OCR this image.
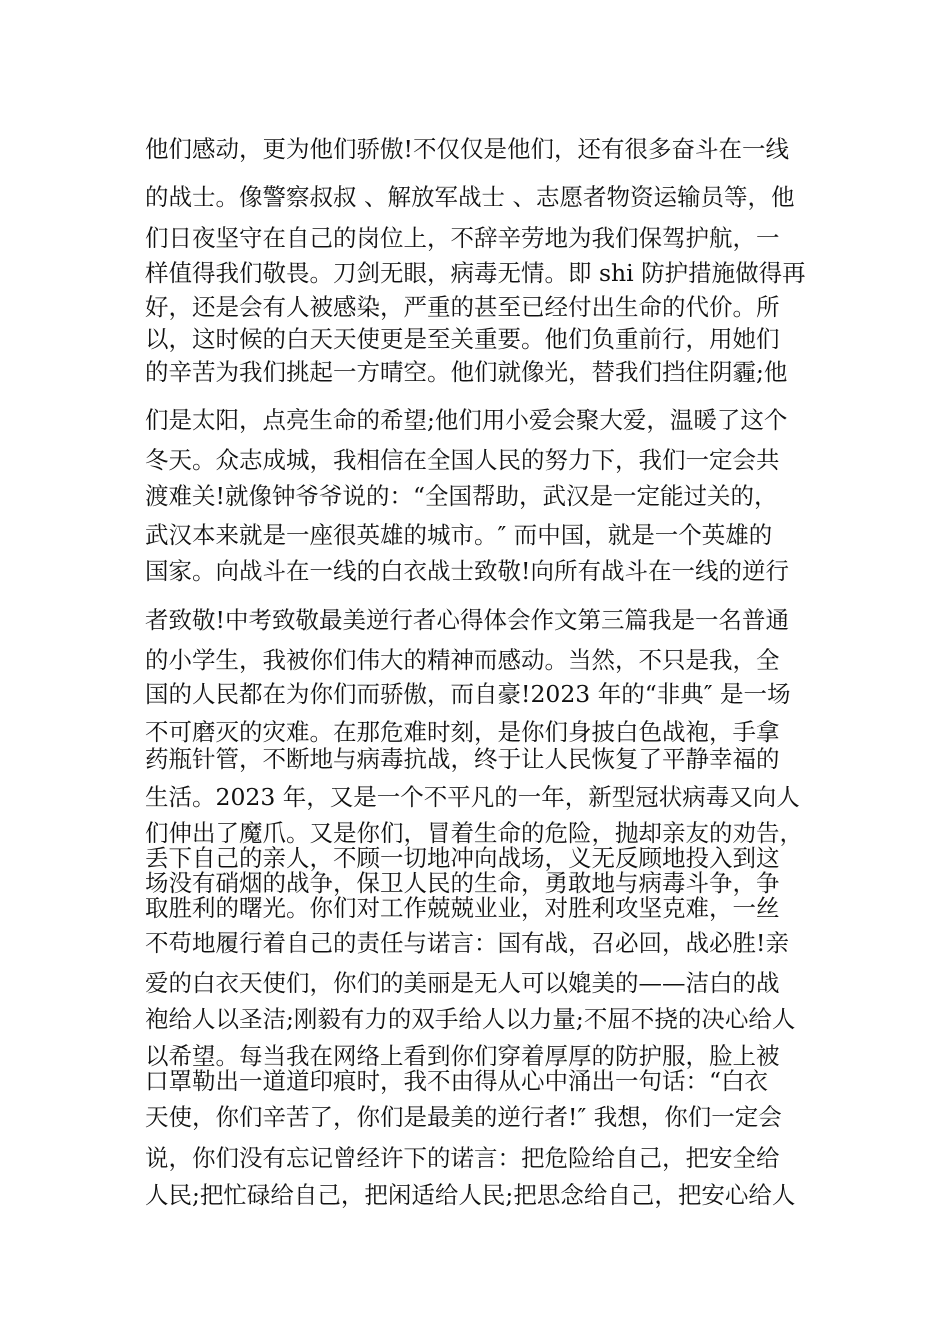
他们感动，更为他们骄傲!不仅仅是他们，还有很多奋斗在一线

的战士。像警察叔叔 、解放军战士 、志愿者物资运输员等，他

们日夜坚守在自己的岗位上，不辞辛劳地为我们保驾护航，一

样值得我们敬畏。刀剑无眼，病毒无情。即 shi 防护措施做得再

好，还是会有人被感染，严重的甚至已经付出生命的代价。所

以，这时候的白天天使更是至关重要。他们负重前行，用她们

的辛苦为我们挑起一方晴空。他们就像光，替我们挡住阴霾;他

们是太阳，点亮生命的希望;他们用小爱会聚大爱，温暖了这个

冬天。众志成城，我相信在全国人民的努力下，我们一定会共

渡难关!就像钟爷爷说的：“全国帮助，武汉是一定能过关的，

武汉本来就是一座很英雄的城市。″ 而中国，就是一个英雄的

国家。向战斗在一线的白衣战士致敬!向所有战斗在一线的逆行

者致敬!中考致敬最美逆行者心得体会作文第三篇我是一名普通

的小学生，我被你们伟大的精神而感动。当然，不只是我，全

国的人民都在为你们而骄傲，而自豪!2023 年的“非典″ 是一场

不可磨灭的灾难。在那危难时刻，是你们身披白色战袍，手拿

药瓶针管，不断地与病毒抗战，终于让人民恢复了平静幸福的

生活。2023 年，又是一个不平凡的一年，新型冠状病毒又向人

们伸出了魔爪。又是你们，冒着生命的危险，抛却亲友的劝告，

丢下自己的亲人，不顾一切地冲向战场，义无反顾地投入到这

场没有硝烟的战争，保卫人民的生命，勇敢地与病毒斗争，争

取胜利的曙光。你们对工作兢兢业业，对胜利攻坚克难，一丝

不苟地履行着自己的责任与诺言：国有战，召必回，战必胜!亲

爱的白衣天使们，你们的美丽是无人可以媲美的——洁白的战

袍给人以圣洁;刚毅有力的双手给人以力量;不屈不挠的决心给人

以希望。每当我在网络上看到你们穿着厚厚的防护服，脸上被

口罩勒出一道道印痕时，我不由得从心中涌出一句话：“白衣

天使，你们辛苦了，你们是最美的逆行者!″ 我想，你们一定会

说，你们没有忘记曾经许下的诺言：把危险给自己，把安全给

人民;把忙碌给自己，把闲适给人民;把思念给自己，把安心给人
